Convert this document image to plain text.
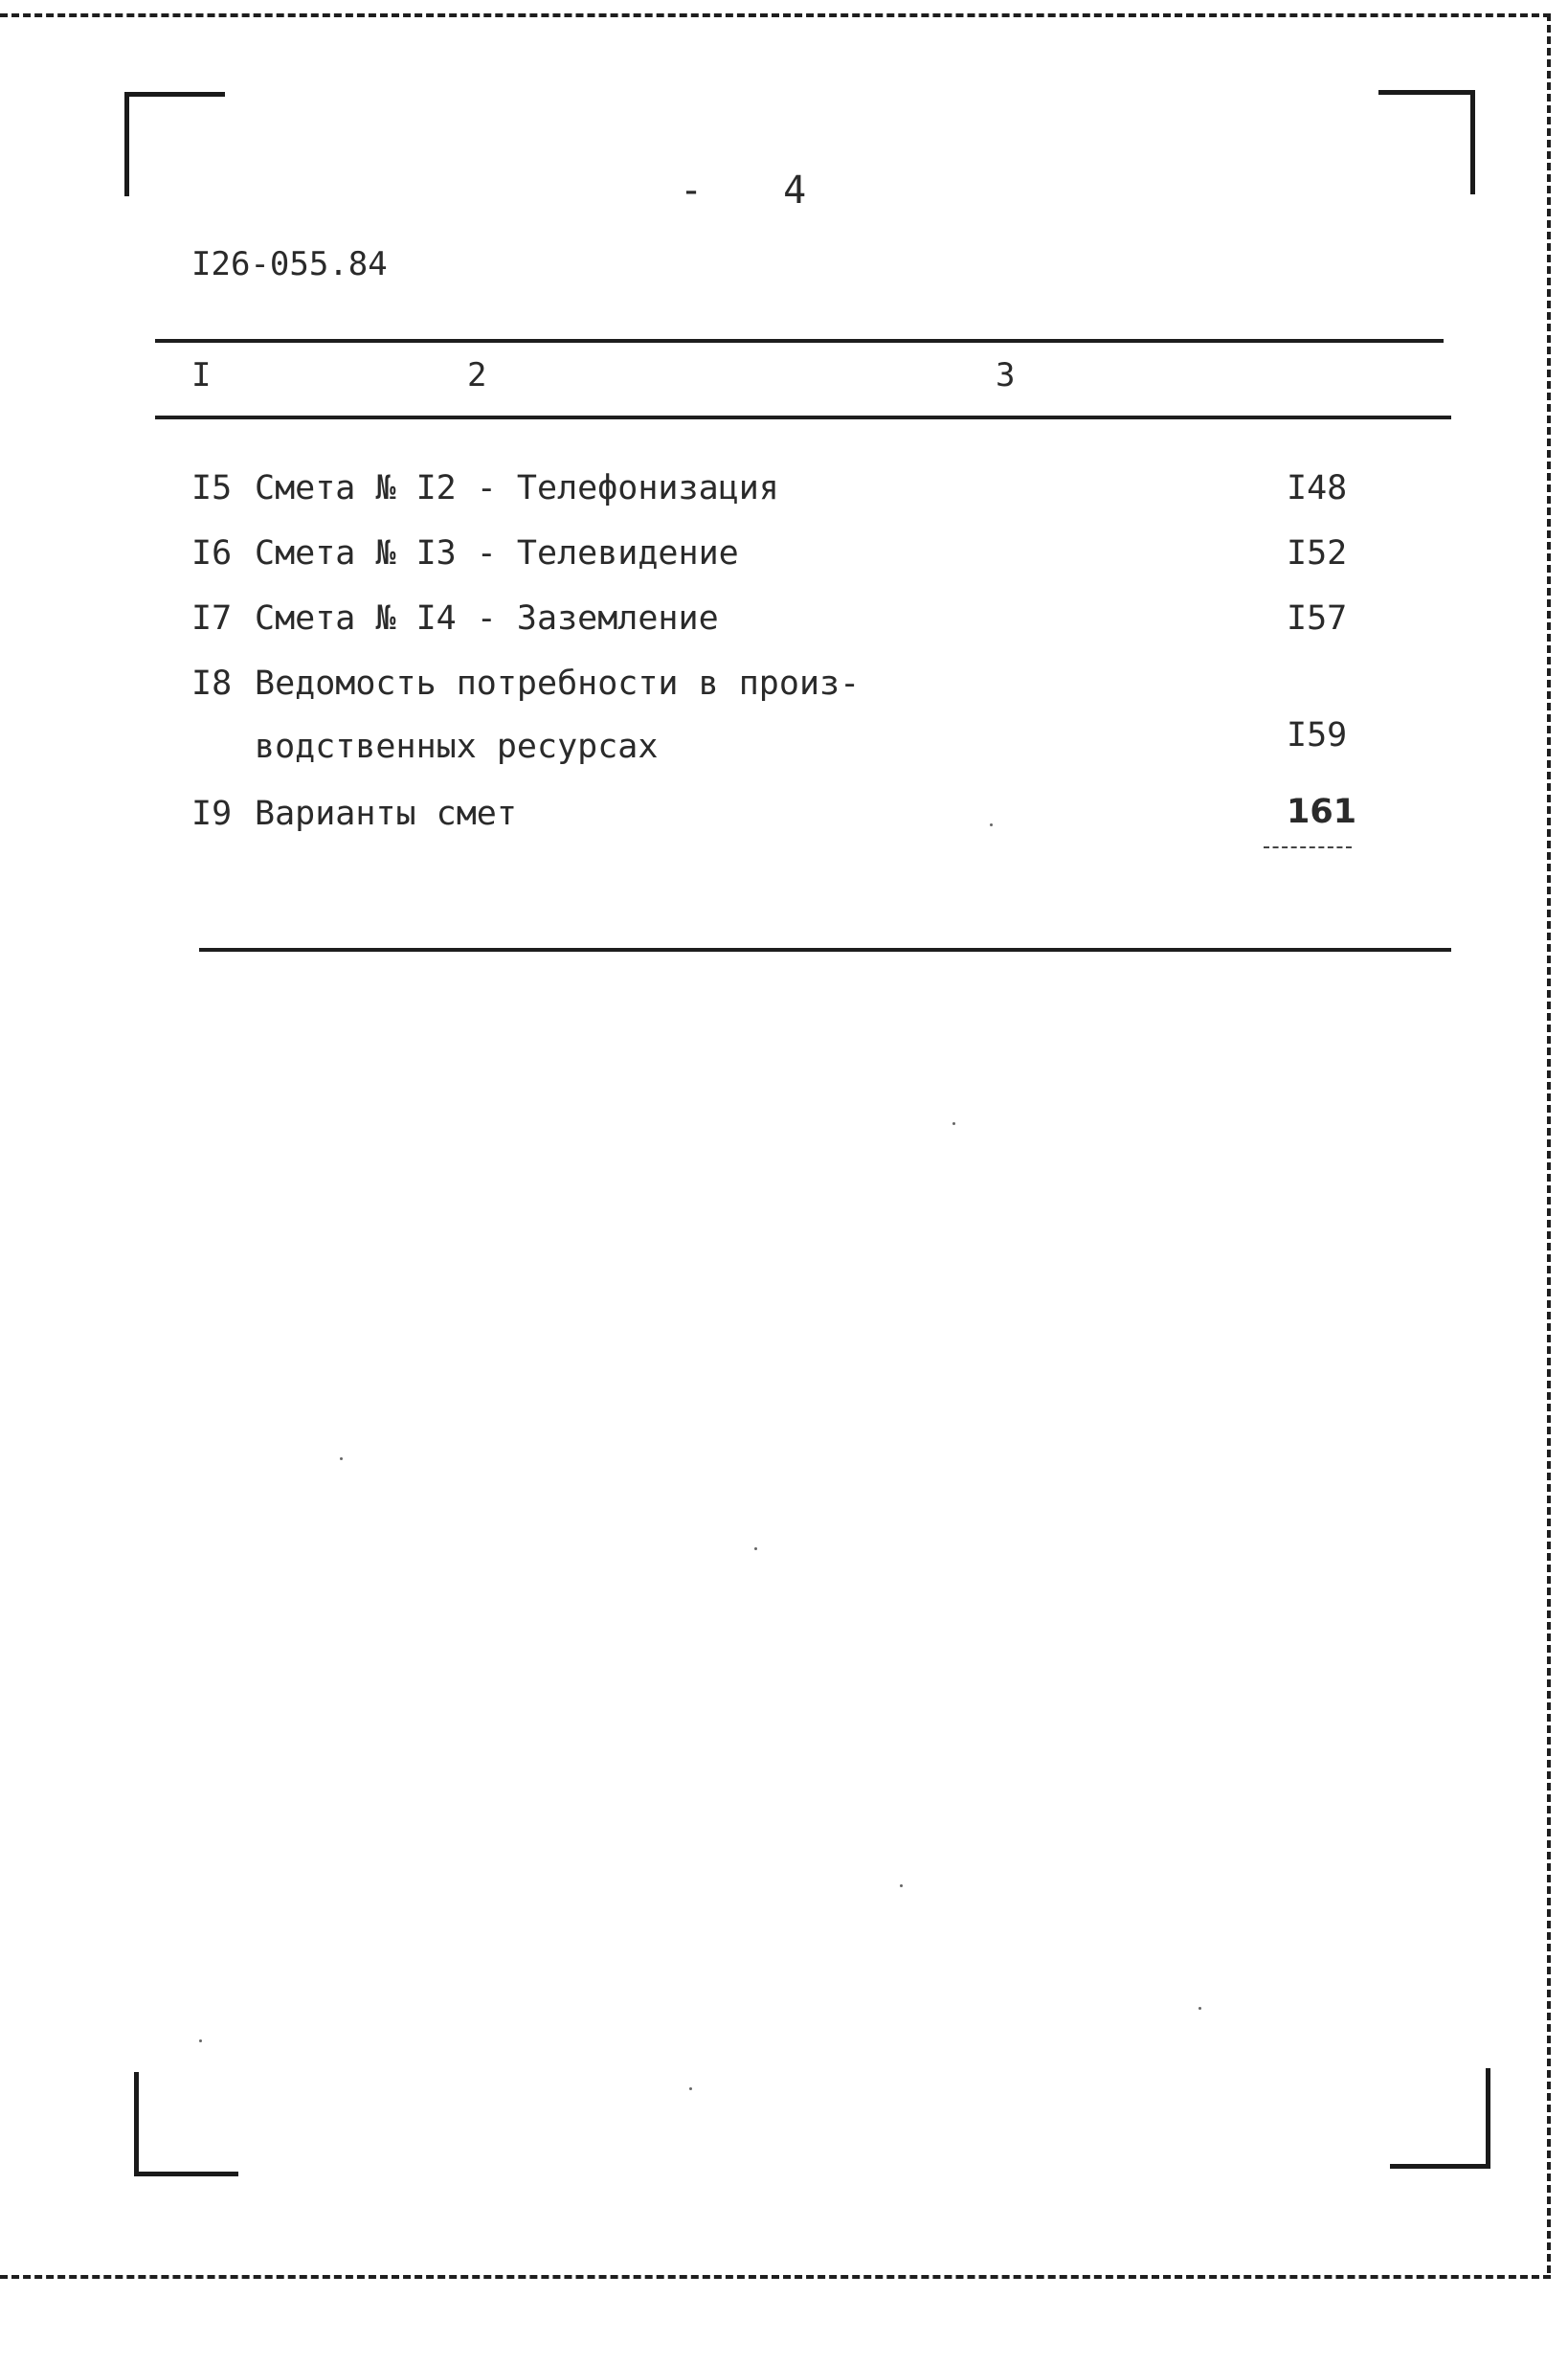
- 4
I26-055.84
I	2	3
I5 Смета № I2 - Телефонизация	I48
I6 Смета № I3 - Телевидение	I52
I7 Смета № I4 - Заземление	I57
I8 Ведомость потребности в произ-
водственных ресурсах	I59
I9 Варианты смет	161
